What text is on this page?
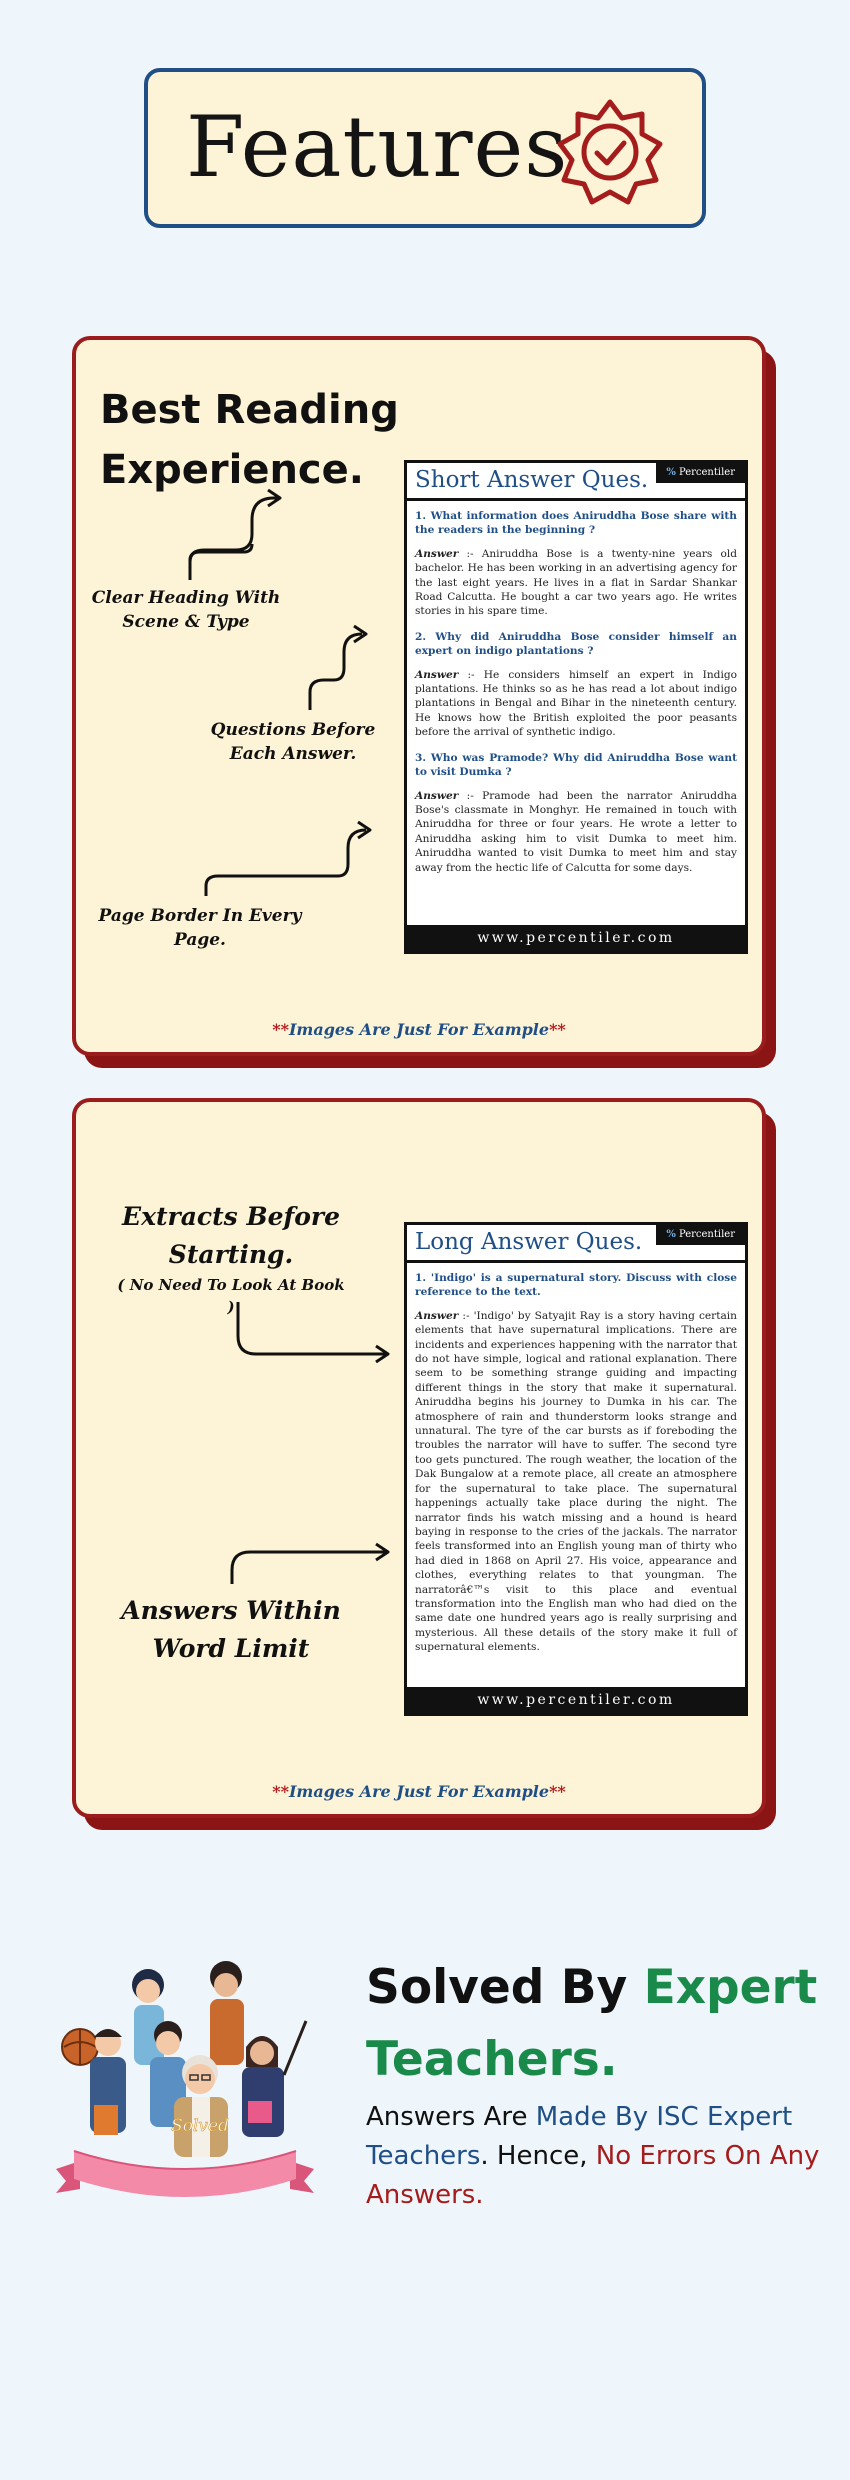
Features
Best Reading
Experience.
Clear Heading With
Scene & Type
Questions Before
Each Answer.
Page Border In Every
Page.
Short Answer Ques.	% Percentiler
1. What information does Aniruddha Bose share with the readers in the beginning ?
Answer :- Aniruddha Bose is a twenty-nine years old bachelor. He has been working in an advertising agency for the last eight years. He lives in a flat in Sardar Shankar Road Calcutta. He bought a car two years ago. He writes stories in his spare time.
2. Why did Aniruddha Bose consider himself an expert on indigo plantations ?
Answer :- He considers himself an expert in Indigo plantations. He thinks so as he has read a lot about indigo plantations in Bengal and Bihar in the nineteenth century. He knows how the British exploited the poor peasants before the arrival of synthetic indigo.
3. Who was Pramode? Why did Aniruddha Bose want to visit Dumka ?
Answer :- Pramode had been the narrator Aniruddha Bose's classmate in Monghyr. He remained in touch with Aniruddha for three or four years. He wrote a letter to Aniruddha asking him to visit Dumka to meet him. Aniruddha wanted to visit Dumka to meet him and stay away from the hectic life of Calcutta for some days.
www.percentiler.com
**Images Are Just For Example**
Extracts Before
Starting.
( No Need To Look At Book )
Answers Within
Word Limit
Long Answer Ques.	% Percentiler
1. 'Indigo' is a supernatural story. Discuss with close reference to the text.
Answer :- 'Indigo' by Satyajit Ray is a story having certain elements that have supernatural implications. There are incidents and experiences happening with the narrator that do not have simple, logical and rational explanation. There seem to be something strange guiding and impacting different things in the story that make it supernatural. Aniruddha begins his journey to Dumka in his car. The atmosphere of rain and thunderstorm looks strange and unnatural. The tyre of the car bursts as if foreboding the troubles the narrator will have to suffer. The second tyre too gets punctured. The rough weather, the location of the Dak Bungalow at a remote place, all create an atmosphere for the supernatural to take place. The supernatural happenings actually take place during the night. The narrator finds his watch missing and a hound is heard baying in response to the cries of the jackals. The narrator feels transformed into an English young man of thirty who had died in 1868 on April 27. His voice, appearance and clothes, everything relates to that youngman. The narratorâ€™s visit to this place and eventual transformation into the English man who had died on the same date one hundred years ago is really surprising and mysterious. All these details of the story make it full of supernatural elements.
www.percentiler.com
**Images Are Just For Example**
Solved
Solved By Expert Teachers.
Answers Are Made By ISC Expert Teachers. Hence, No Errors On Any Answers.
